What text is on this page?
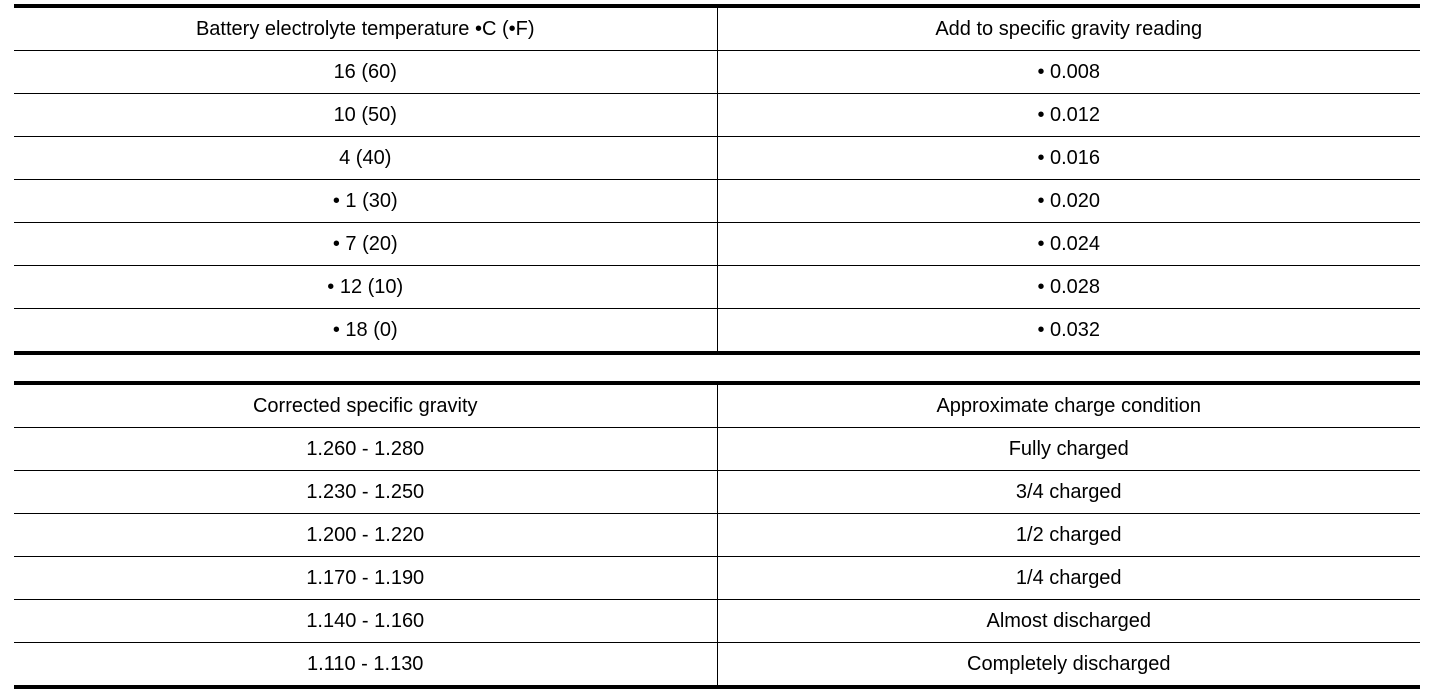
Battery electrolyte temperature •C (•F)	Add to specific gravity reading
16 (60)	• 0.008
10 (50)	• 0.012
4 (40)	• 0.016
• 1 (30)	• 0.020
• 7 (20)	• 0.024
• 12 (10)	• 0.028
• 18 (0)	• 0.032
Corrected specific gravity	Approximate charge condition
1.260 - 1.280	Fully charged
1.230 - 1.250	3/4 charged
1.200 - 1.220	1/2 charged
1.170 - 1.190	1/4 charged
1.140 - 1.160	Almost discharged
1.110 - 1.130	Completely discharged
